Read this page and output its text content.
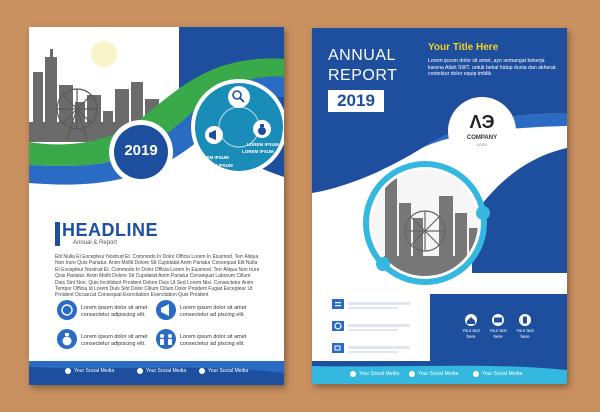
2019	LOREM IPSUM
LOREM IPSUM
LOREM IPSUM
LOREM IPSUM
HEADLINE
Annual & Report
Elit Nulla Et Excepteur Nostrud Et. Commodo In Dolor Officia Lorem In Eiusmod. Terr Aliqua Non Irure Quis Pariatur. Anim Mollit Dolore Sit Cupidatat Anim Pariatur Consequat Elit Nulla Et Excepteur Nostrud Et. Commodo In Dolor Officia Lorem In Eiusmod. Terr Aliqua Non Irure Quis Pariatur. Anim Mollit Dolore Sit Cupidatat Anim Pariatur Consequat Laborum Cillum Duis Sint Non. Quis Incididunt Proident Dolore Duis Ut Sed Lorem Nisi. Consectetur Anim Tempor Officia Id Lorem Duis Sint Dolor Cillum Cillum Dolor Proident Fugiat Excepteur Ut Proident Occaecat Consequat Exercitation Exercitation Quis Proident
Lorem ipsum dolor sit amet
consectetur adipiscing elit.
Lorem ipsum dolor sit amet
consectetur ad piscing elit.
Lorem ipsum dolor sit amet
consectetur adipiscing elit.
Lorem ipsum dolor sit amet
consectetur ad piscing elit.
Your Social Media	Your Social Media	Your Social Media
ANNUAL
REPORT
2019
Your Title Here
Lorem ipsum dolor sit amet, ayo semangat bekerja karena Allah SWT. untuk bekal hidup dunia dan akherat. contektur dolor equip imblik.
ΛЭ
COMPANY
LOGO
Your text
here
Your text
here
Your text
here
Your Social Media	Your Social Media	Your Social Media
